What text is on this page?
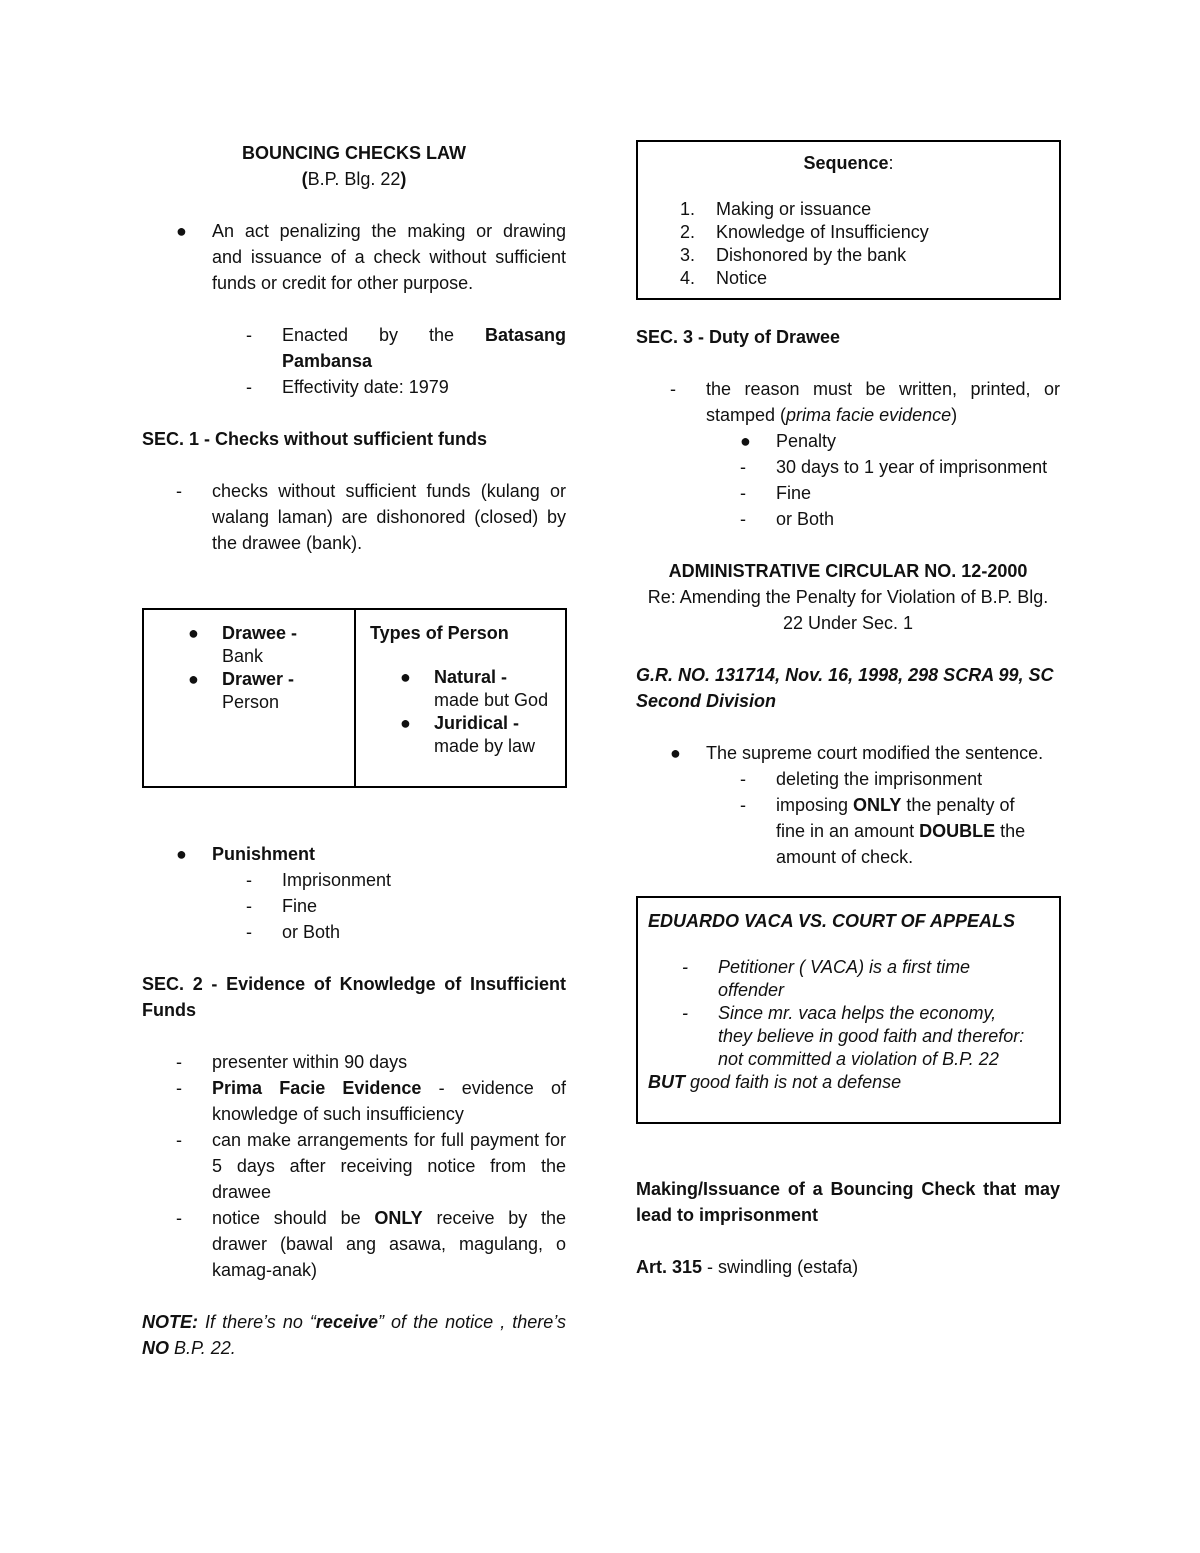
BOUNCING CHECKS LAW
(B.P. Blg. 22)
● An act penalizing the making or drawing and issuance of a check without sufficient funds or credit for other purpose.
- Enacted by the Batasang Pambansa
- Effectivity date: 1979
SEC. 1 - Checks without sufficient funds
- checks without sufficient funds (kulang or walang laman) are dishonored (closed) by the drawee (bank).
● Drawee -
Bank
● Drawer -
Person
Types of Person
● Natural -
made but God
● Juridical -
made by law
● Punishment
- Imprisonment
- Fine
- or Both
SEC. 2 - Evidence of Knowledge of Insufficient Funds
- presenter within 90 days
- Prima Facie Evidence - evidence of knowledge of such insufficiency
- can make arrangements for full payment for 5 days after receiving notice from the drawee
- notice should be ONLY receive by the drawer (bawal ang asawa, magulang, o kamag-anak)
NOTE: If there’s no “receive” of the notice , there’s NO B.P. 22.
Sequence:
1. Making or issuance
2. Knowledge of Insufficiency
3. Dishonored by the bank
4. Notice
SEC. 3 - Duty of Drawee
- the reason must be written, printed, or stamped (prima facie evidence)
● Penalty
- 30 days to 1 year of imprisonment
- Fine
- or Both
ADMINISTRATIVE CIRCULAR NO. 12-2000
Re: Amending the Penalty for Violation of B.P. Blg. 22 Under Sec. 1
G.R. NO. 131714, Nov. 16, 1998, 298 SCRA 99, SC Second Division
● The supreme court modified the sentence.
- deleting the imprisonment
- imposing ONLY the penalty of fine in an amount DOUBLE the amount of check.
EDUARDO VACA VS. COURT OF APPEALS
- Petitioner ( VACA) is a first time offender
- Since mr. vaca helps the economy, they believe in good faith and therefor: not committed a violation of B.P. 22
BUT good faith is not a defense
Making/Issuance of a Bouncing Check that may lead to imprisonment
Art. 315 - swindling (estafa)
